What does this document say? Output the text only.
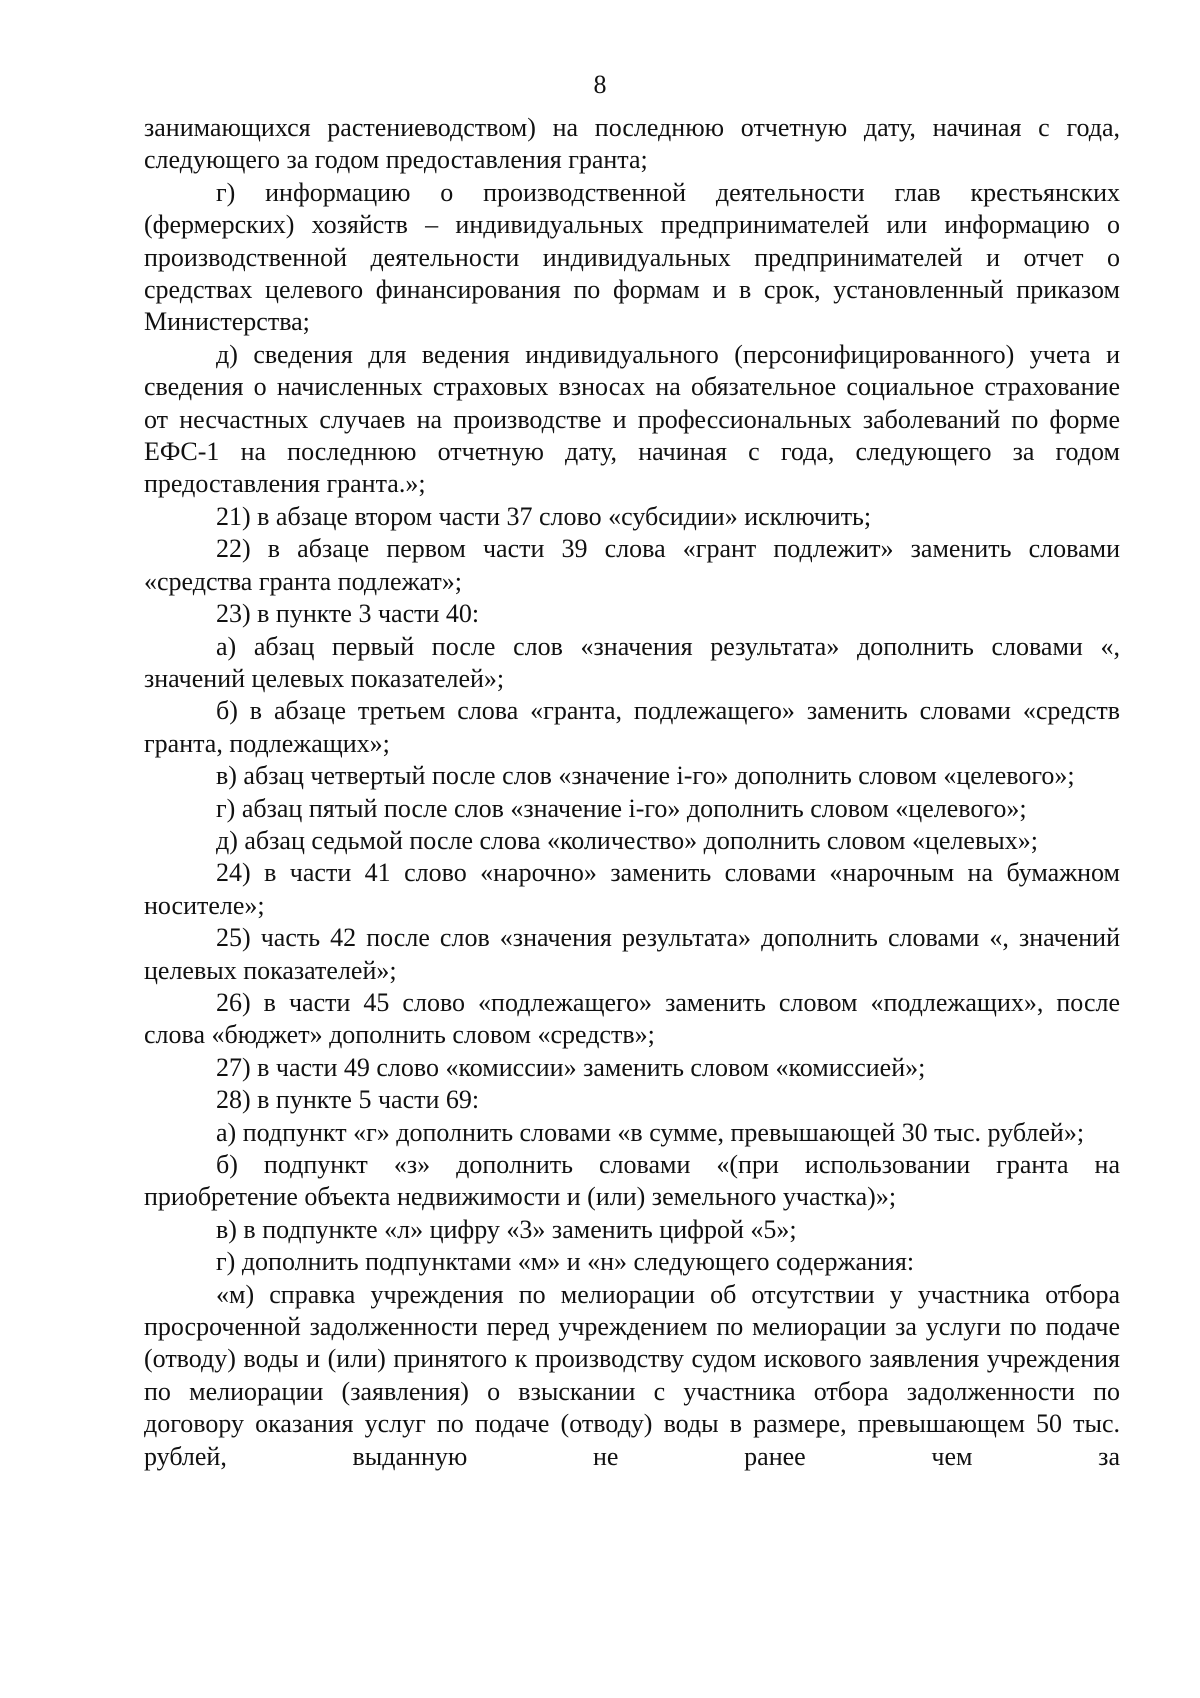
8

занимающихся растениеводством) на последнюю отчетную дату, начиная с года, следующего за годом предоставления гранта;

г) информацию о производственной деятельности глав крестьянских (фермерских) хозяйств – индивидуальных предпринимателей или информацию о производственной деятельности индивидуальных предпринимателей и отчет о средствах целевого финансирования по формам и в срок, установленный приказом Министерства;

д) сведения для ведения индивидуального (персонифицированного) учета и сведения о начисленных страховых взносах на обязательное социальное страхование от несчастных случаев на производстве и профессиональных заболеваний по форме ЕФС-1 на последнюю отчетную дату, начиная с года, следующего за годом предоставления гранта.»;

21) в абзаце втором части 37 слово «субсидии» исключить;

22) в абзаце первом части 39 слова «грант подлежит» заменить словами «средства гранта подлежат»;

23) в пункте 3 части 40:

а) абзац первый после слов «значения результата» дополнить словами «, значений целевых показателей»;

б) в абзаце третьем слова «гранта, подлежащего» заменить словами «средств гранта, подлежащих»;

в) абзац четвертый после слов «значение i-го» дополнить словом «целевого»;

г) абзац пятый после слов «значение i-го» дополнить словом «целевого»;

д) абзац седьмой после слова «количество» дополнить словом «целевых»;

24) в части 41 слово «нарочно» заменить словами «нарочным на бумажном носителе»;

25) часть 42 после слов «значения результата» дополнить словами «, значений целевых показателей»;

26) в части 45 слово «подлежащего» заменить словом «подлежащих», после слова «бюджет» дополнить словом «средств»;

27) в части 49 слово «комиссии» заменить словом «комиссией»;

28) в пункте 5 части 69:

а) подпункт «г» дополнить словами «в сумме, превышающей 30 тыс. рублей»;

б) подпункт «з» дополнить словами «(при использовании гранта на приобретение объекта недвижимости и (или) земельного участка)»;

в) в подпункте «л» цифру «3» заменить цифрой «5»;

г) дополнить подпунктами «м» и «н» следующего содержания:

«м) справка учреждения по мелиорации об отсутствии у участника отбора просроченной задолженности перед учреждением по мелиорации за услуги по подаче (отводу) воды и (или) принятого к производству судом искового заявления учреждения по мелиорации (заявления) о взыскании с участника отбора задолженности по договору оказания услуг по подаче (отводу) воды в размере, превышающем 50 тыс. рублей, выданную не ранее чем за
